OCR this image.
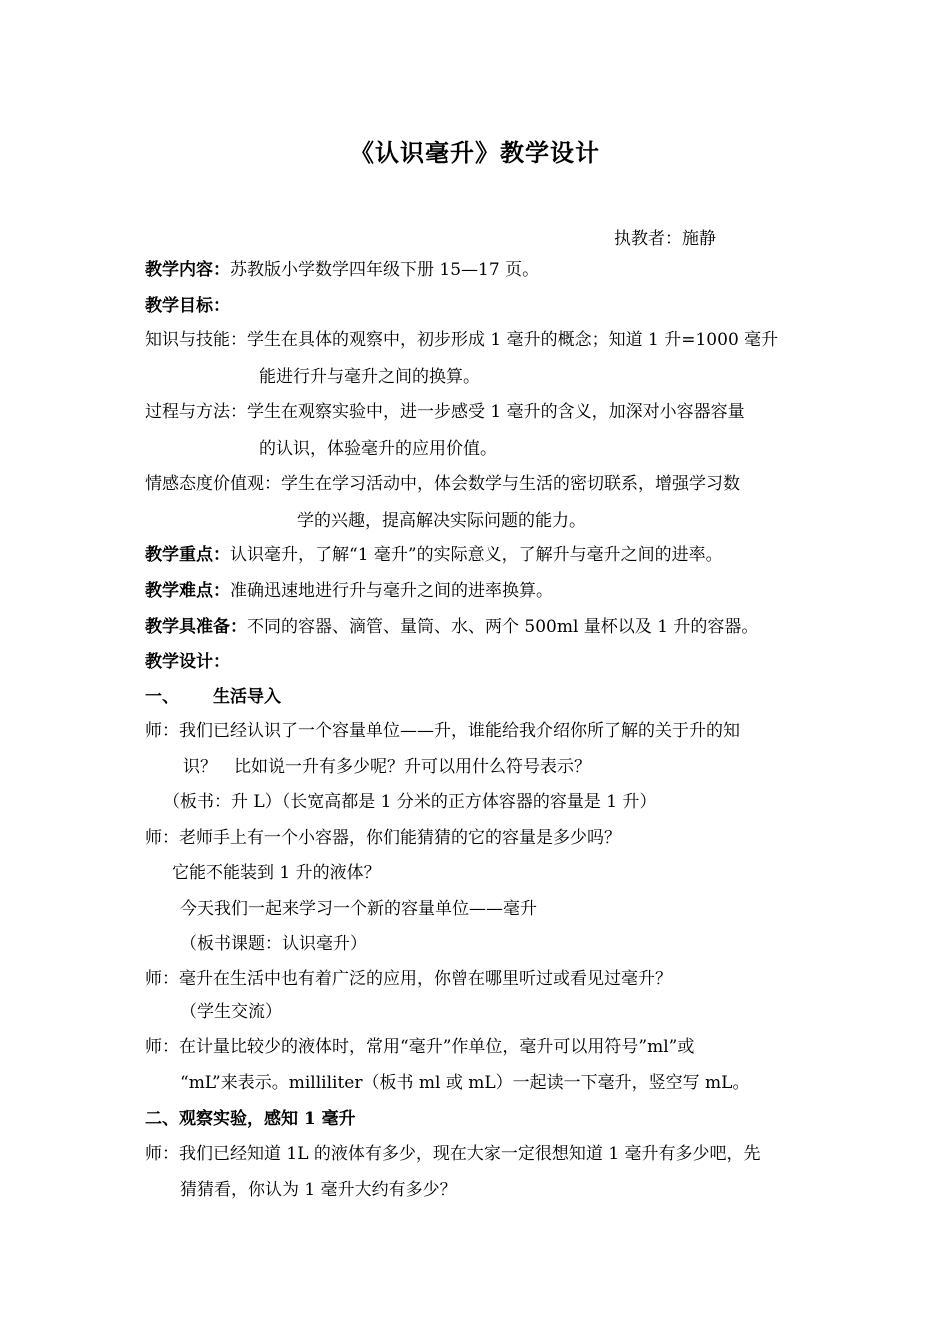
《认识毫升》教学设计
执教者：施静
教学内容：苏教版小学数学四年级下册 15—17 页。
教学目标：
知识与技能：学生在具体的观察中，初步形成 1 毫升的概念；知道 1 升=1000 毫升
能进行升与毫升之间的换算。
过程与方法：学生在观察实验中，进一步感受 1 毫升的含义，加深对小容器容量
的认识，体验毫升的应用价值。
情感态度价值观：学生在学习活动中，体会数学与生活的密切联系，增强学习数
学的兴趣，提高解决实际问题的能力。
教学重点：认识毫升，了解“1 毫升”的实际意义，了解升与毫升之间的进率。
教学难点：准确迅速地进行升与毫升之间的进率换算。
教学具准备：不同的容器、滴管、量筒、水、两个 500ml 量杯以及 1 升的容器。
教学设计：
一、 生活导入
师：我们已经认识了一个容量单位——升，谁能给我介绍你所了解的关于升的知
识？　比如说一升有多少呢？升可以用什么符号表示？
（板书：升 L）（长宽高都是 1 分米的正方体容器的容量是 1 升）
师：老师手上有一个小容器，你们能猜猜的它的容量是多少吗？
它能不能装到 1 升的液体？
今天我们一起来学习一个新的容量单位——毫升
（板书课题：认识毫升）
师：毫升在生活中也有着广泛的应用，你曾在哪里听过或看见过毫升？
（学生交流）
师：在计量比较少的液体时，常用“毫升”作单位，毫升可以用符号”ml”或
“mL”来表示。milliliter（板书 ml 或 mL）一起读一下毫升，竖空写 mL。
二、观察实验，感知 1 毫升
师：我们已经知道 1L 的液体有多少，现在大家一定很想知道 1 毫升有多少吧，先
猜猜看，你认为 1 毫升大约有多少？
